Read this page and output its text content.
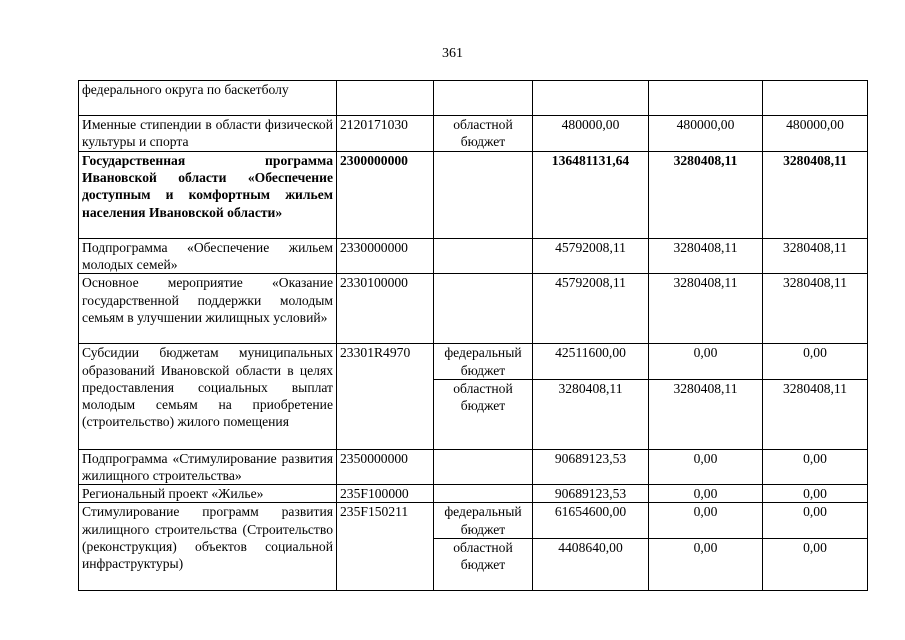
361
федерального округа по баскетболу					
Именные стипендии в области физической культуры и спорта	2120171030	областной бюджет	480000,00	480000,00	480000,00
Государственная программа Ивановской области «Обеспечение доступным и комфортным жильем населения Ивановской области»	2300000000		136481131,64	3280408,11	3280408,11
Подпрограмма «Обеспечение жильем молодых семей»	2330000000		45792008,11	3280408,11	3280408,11
Основное мероприятие «Оказание государственной поддержки молодым семьям в улучшении жилищных условий»	2330100000		45792008,11	3280408,11	3280408,11
Субсидии бюджетам муниципальных образований Ивановской области в целях предоставления социальных выплат молодым семьям на приобретение (строительство) жилого помещения	23301R4970	федеральный бюджет	42511600,00	0,00	0,00
		областной бюджет	3280408,11	3280408,11	3280408,11
Подпрограмма «Стимулирование развития жилищного строительства»	2350000000		90689123,53	0,00	0,00
Региональный проект «Жилье»	235F100000		90689123,53	0,00	0,00
Стимулирование программ развития жилищного строительства (Строительство (реконструкция) объектов социальной инфраструктуры)	235F150211	федеральный бюджет	61654600,00	0,00	0,00
		областной бюджет	4408640,00	0,00	0,00
